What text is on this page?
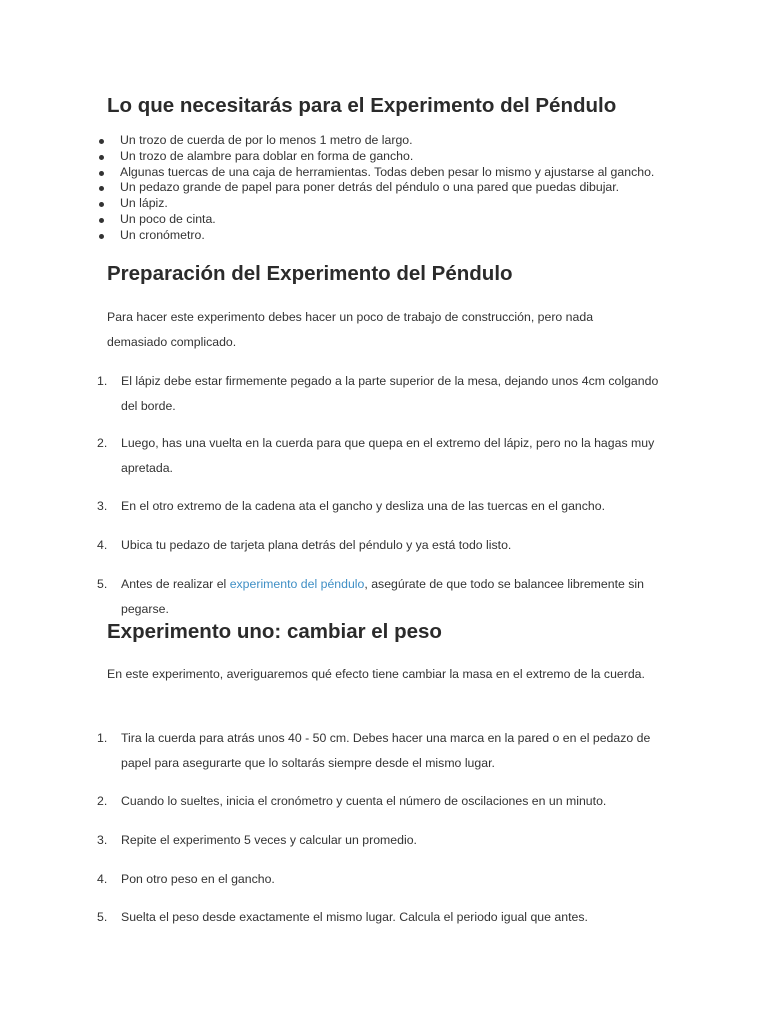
Lo que necesitarás para el Experimento del Péndulo
Un trozo de cuerda de por lo menos 1 metro de largo.
Un trozo de alambre para doblar en forma de gancho.
Algunas tuercas de una caja de herramientas. Todas deben pesar lo mismo y ajustarse al gancho.
Un pedazo grande de papel para poner detrás del péndulo o una pared que puedas dibujar.
Un lápiz.
Un poco de cinta.
Un cronómetro.
Preparación del Experimento del Péndulo

Para hacer este experimento debes hacer un poco de trabajo de construcción, pero nada demasiado complicado.

1. El lápiz debe estar firmemente pegado a la parte superior de la mesa, dejando unos 4cm colgando del borde.
2. Luego, has una vuelta en la cuerda para que quepa en el extremo del lápiz, pero no la hagas muy apretada.
3. En el otro extremo de la cadena ata el gancho y desliza una de las tuercas en el gancho.
4. Ubica tu pedazo de tarjeta plana detrás del péndulo y ya está todo listo.
5. Antes de realizar el experimento del péndulo, asegúrate de que todo se balancee libremente sin pegarse.
Experimento uno: cambiar el peso

En este experimento, averiguaremos qué efecto tiene cambiar la masa en el extremo de la cuerda.

1. Tira la cuerda para atrás unos 40 - 50 cm. Debes hacer una marca en la pared o en el pedazo de papel para asegurarte que lo soltarás siempre desde el mismo lugar.
2. Cuando lo sueltes, inicia el cronómetro y cuenta el número de oscilaciones en un minuto.
3. Repite el experimento 5 veces y calcular un promedio.
4. Pon otro peso en el gancho.
5. Suelta el peso desde exactamente el mismo lugar. Calcula el periodo igual que antes.
